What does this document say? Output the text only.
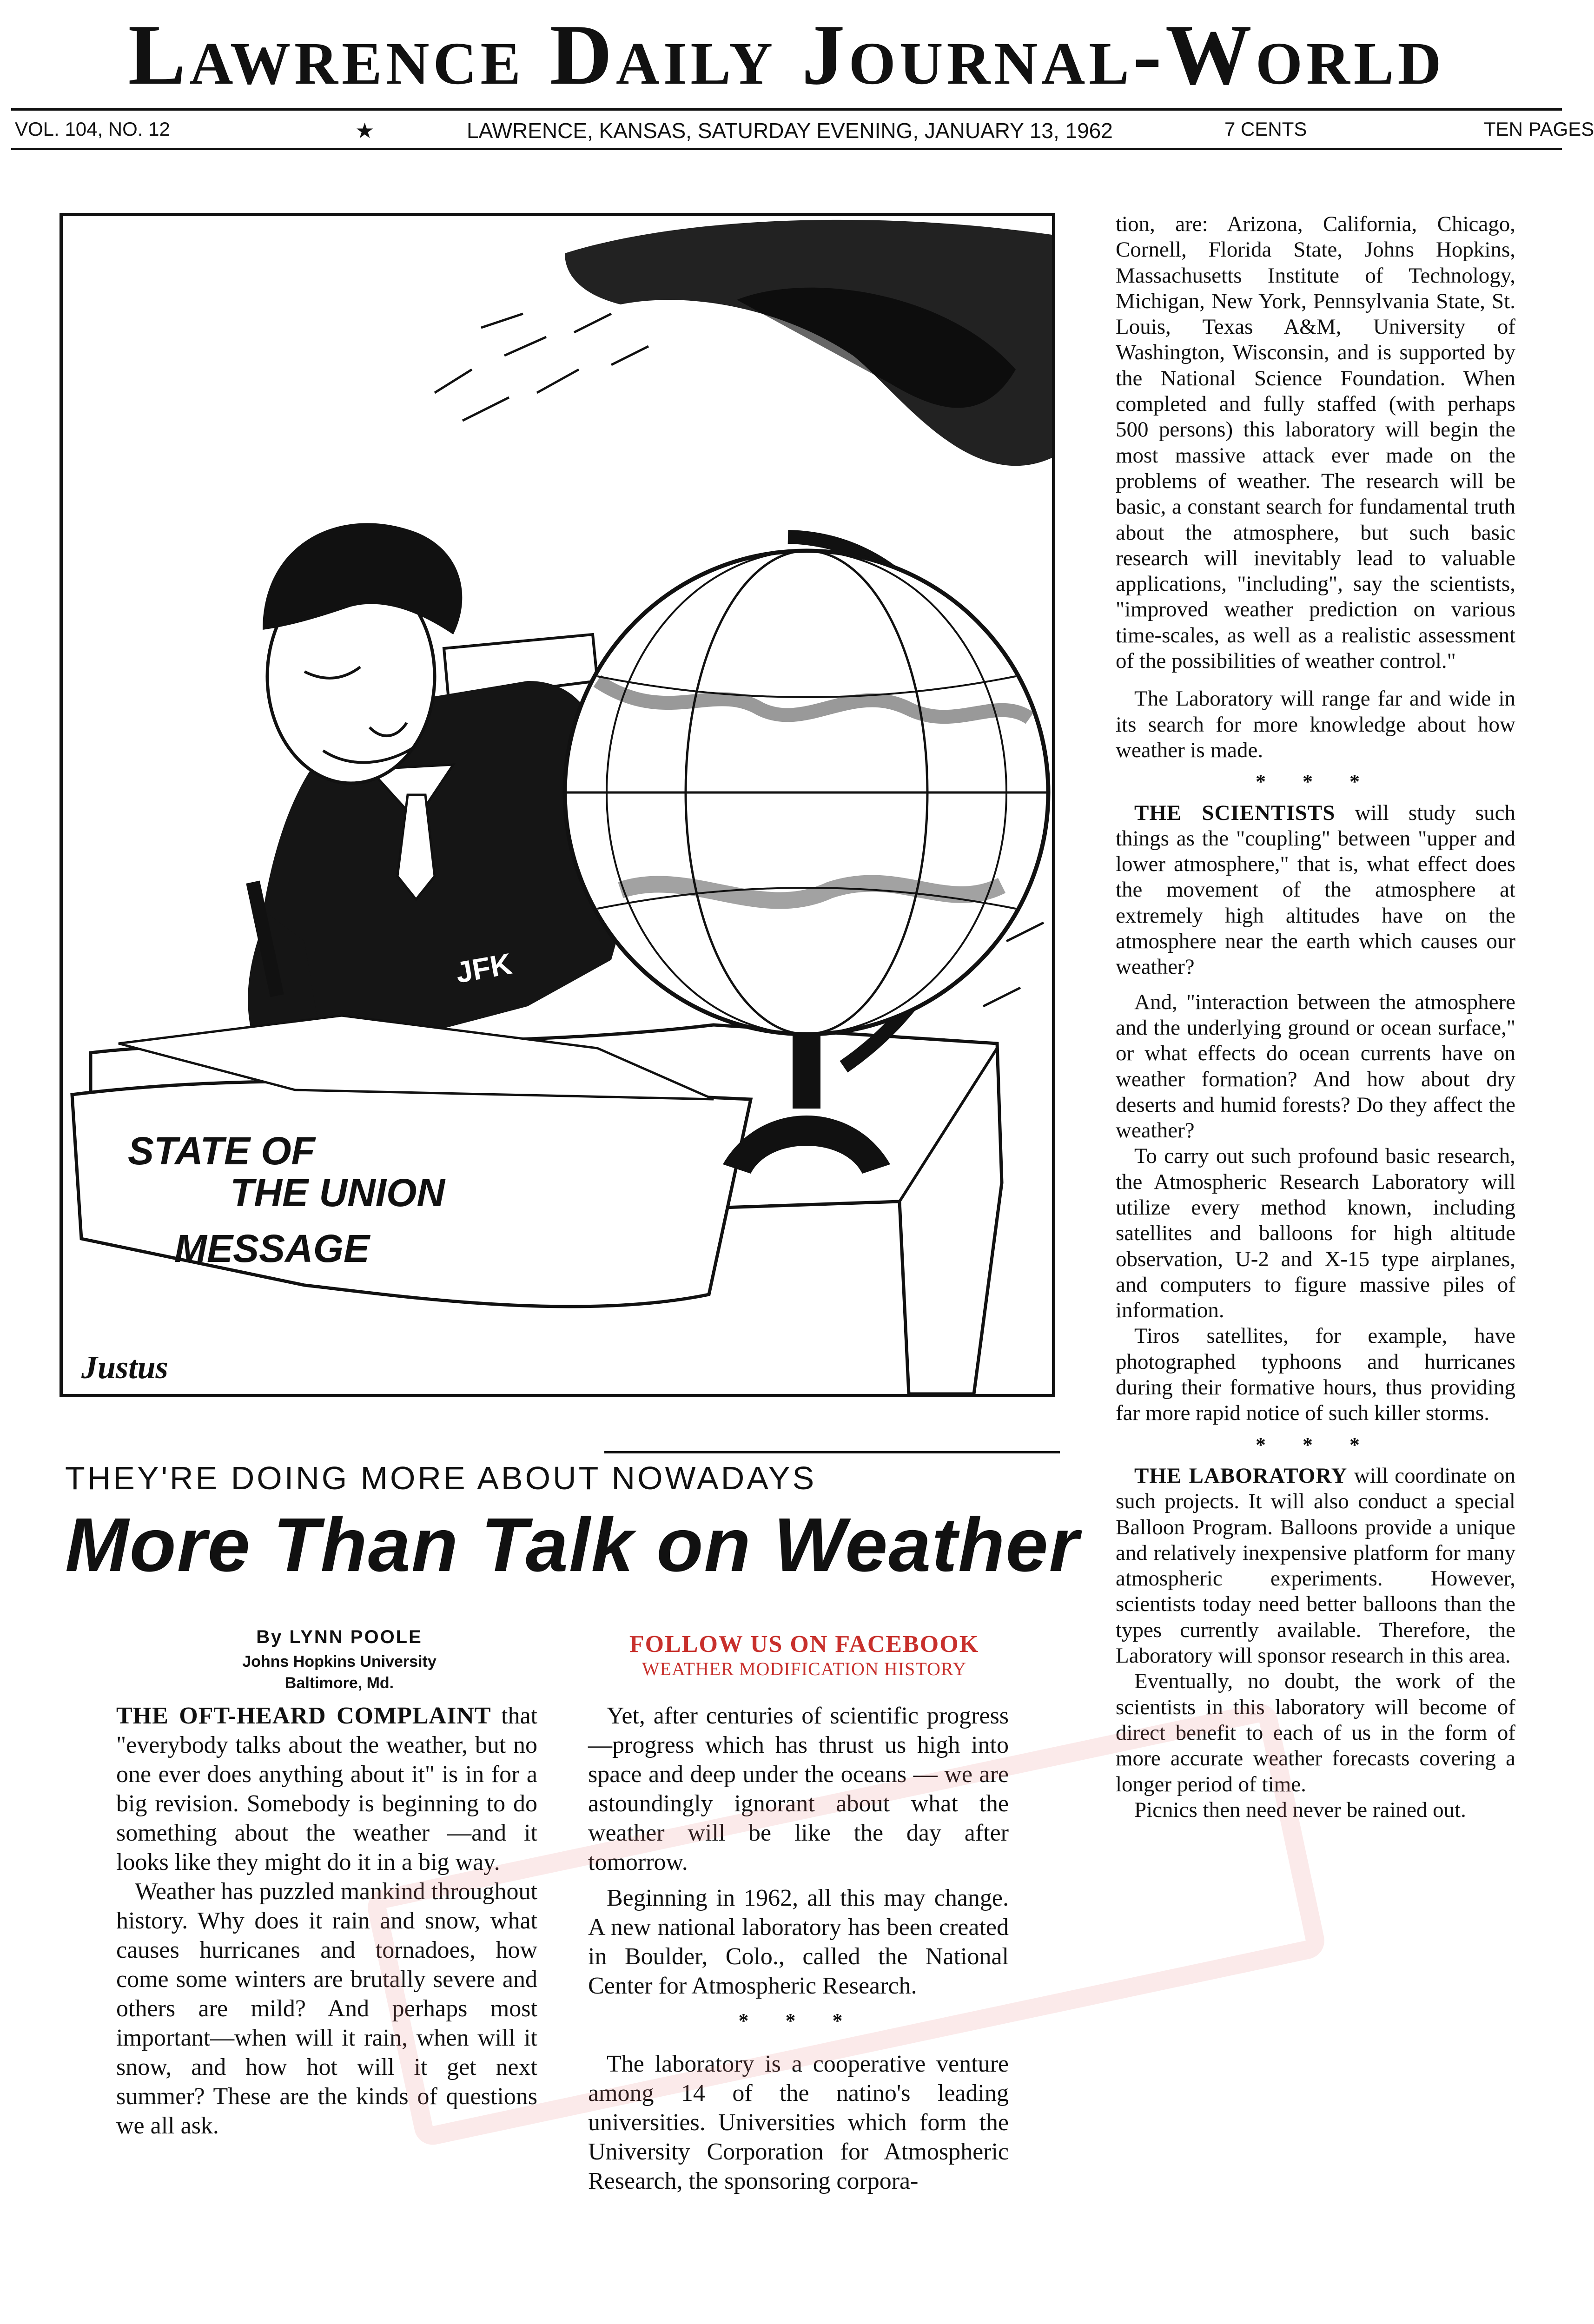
Lawrence Daily Journal-World
VOL. 104, NO. 12	★	LAWRENCE, KANSAS, SATURDAY EVENING, JANUARY 13, 1962	7 CENTS	TEN PAGES
JFK
STATE OF
THE UNION
MESSAGE
Justus
THEY'RE DOING MORE ABOUT NOWADAYS
More Than Talk on Weather
By LYNN POOLE
Johns Hopkins University
Baltimore, Md.

THE OFT-HEARD COMPLAINT that "everybody talks about the weather, but no one ever does anything about it" is in for a big revision. Somebody is beginning to do something about the weather —and it looks like they might do it in a big way.

Weather has puzzled mankind throughout history. Why does it rain and snow, what causes hurricanes and tornadoes, how come some winters are brutally severe and others are mild? And perhaps most important—when will it rain, when will it snow, and how hot will it get next summer? These are the kinds of questions we all ask.

FOLLOW US ON FACEBOOK
WEATHER MODIFICATION HISTORY

Yet, after centuries of scientific progress—progress which has thrust us high into space and deep under the oceans — we are astoundingly ignorant about what the weather will be like the day after tomorrow.

Beginning in 1962, all this may change. A new national laboratory has been created in Boulder, Colo., called the National Center for Atmospheric Research.

* * *

The laboratory is a cooperative venture among 14 of the natino's leading universities. Universities which form the University Corporation for Atmospheric Research, the sponsoring corpora-

tion, are: Arizona, California, Chicago, Cornell, Florida State, Johns Hopkins, Massachusetts Institute of Technology, Michigan, New York, Pennsylvania State, St. Louis, Texas A&M, University of Washington, Wisconsin, and is supported by the National Science Foundation. When completed and fully staffed (with perhaps 500 persons) this laboratory will begin the most massive attack ever made on the problems of weather. The research will be basic, a constant search for fundamental truth about the atmosphere, but such basic research will inevitably lead to valuable applications, "including", say the scientists, "improved weather prediction on various time-scales, as well as a realistic assessment of the possibilities of weather control."

The Laboratory will range far and wide in its search for more knowledge about how weather is made.

* * *

THE SCIENTISTS will study such things as the "coupling" between "upper and lower atmosphere," that is, what effect does the movement of the atmosphere at extremely high altitudes have on the atmosphere near the earth which causes our weather?

And, "interaction between the atmosphere and the underlying ground or ocean surface," or what effects do ocean currents have on weather formation? And how about dry deserts and humid forests? Do they affect the weather?

To carry out such profound basic research, the Atmospheric Research Laboratory will utilize every method known, including satellites and balloons for high altitude observation, U-2 and X-15 type airplanes, and computers to figure massive piles of information.

Tiros satellites, for example, have photographed typhoons and hurricanes during their formative hours, thus providing far more rapid notice of such killer storms.

* * *

THE LABORATORY will coordinate on such projects. It will also conduct a special Balloon Program. Balloons provide a unique and relatively inexpensive platform for many atmospheric experiments. However, scientists today need better balloons than the types currently available. Therefore, the Laboratory will sponsor research in this area.

Eventually, no doubt, the work of the scientists in this laboratory will become of direct benefit to each of us in the form of more accurate weather forecasts covering a longer period of time.

Picnics then need never be rained out.
